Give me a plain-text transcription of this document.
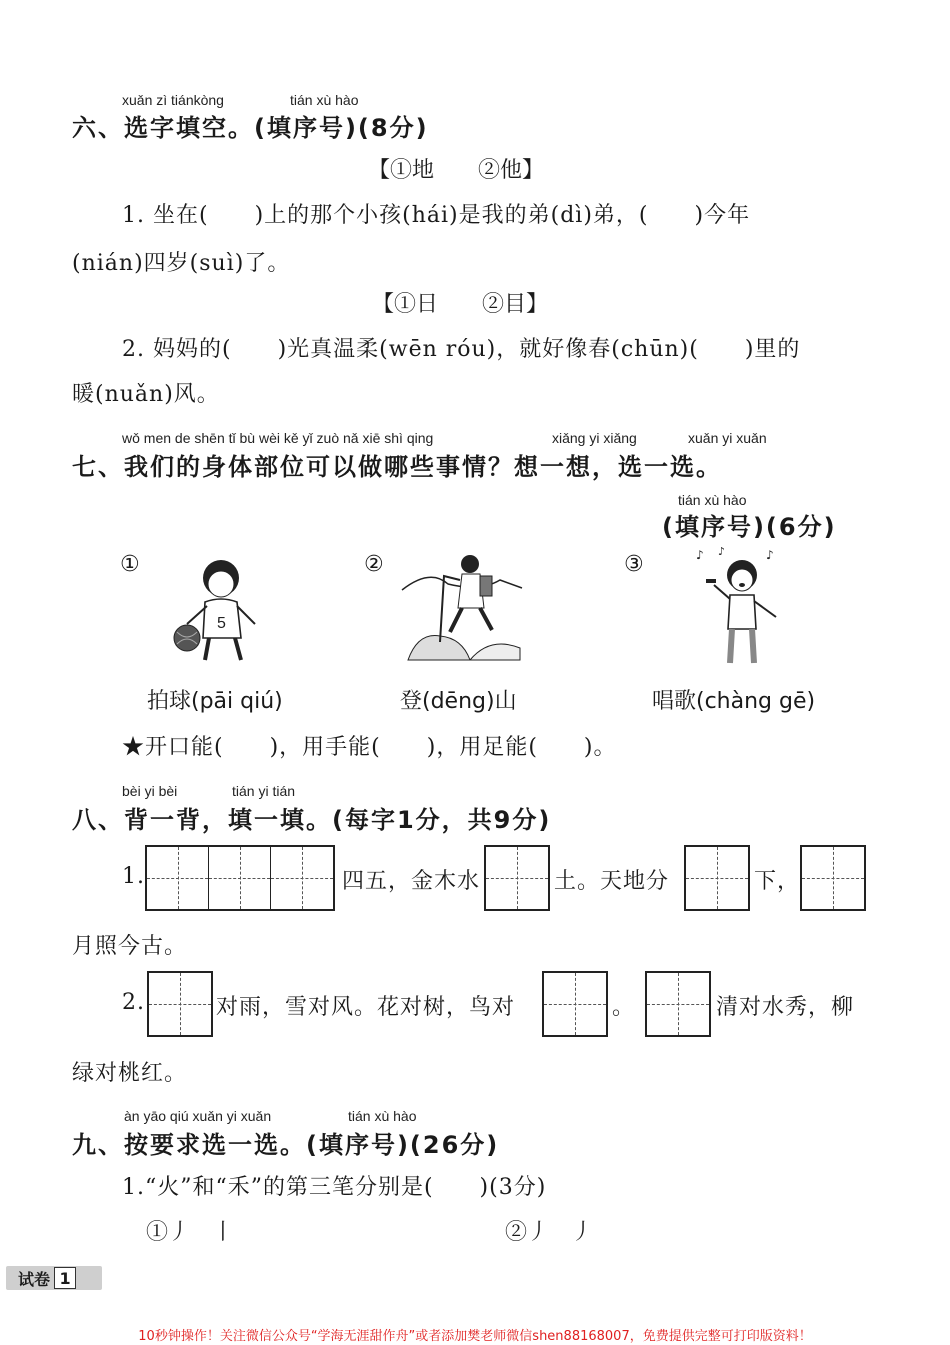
xuǎn zì tiánkòng	tián xù hào
六、选字填空。(填序号)(8分)
【①地　　②他】
1. 坐在(　　)上的那个小孩(hái)是我的弟(dì)弟，(　　)今年
(nián)四岁(suì)了。
【①日　　②目】
2. 妈妈的(　　)光真温柔(wēn róu)，就好像春(chūn)(　　)里的
暖(nuǎn)风。
wǒ men de shēn tǐ bù wèi kě yǐ zuò nǎ xiē shì qing	xiǎng yi xiǎng	xuǎn yi xuǎn
七、我们的身体部位可以做哪些事情？想一想，选一选。
tián xù hào
(填序号)(6分)
①
5
②	③	♪ ♪	♪
拍球(pāi qiú)	登(dēng)山	唱歌(chàng gē)
★开口能(　　)，用手能(　　)，用足能(　　)。
bèi yi bèi	tián yi tián
八、背一背，填一填。(每字1分，共9分)
1.	四五，金木水	土。天地分	下，
月照今古。
2.	对雨，雪对风。花对树，鸟对	。	清对水秀，柳
绿对桃红。
àn yāo qiú xuǎn yi xuǎn	tián xù hào
九、按要求选一选。(填序号)(26分)
1.“火”和“禾”的第三笔分别是(　　)(3分)
①丿　丨	②丿　丿
试卷 1
10秒钟操作！关注微信公众号“学海无涯甜作舟”或者添加樊老师微信shen88168007，免费提供完整可打印版资料！
